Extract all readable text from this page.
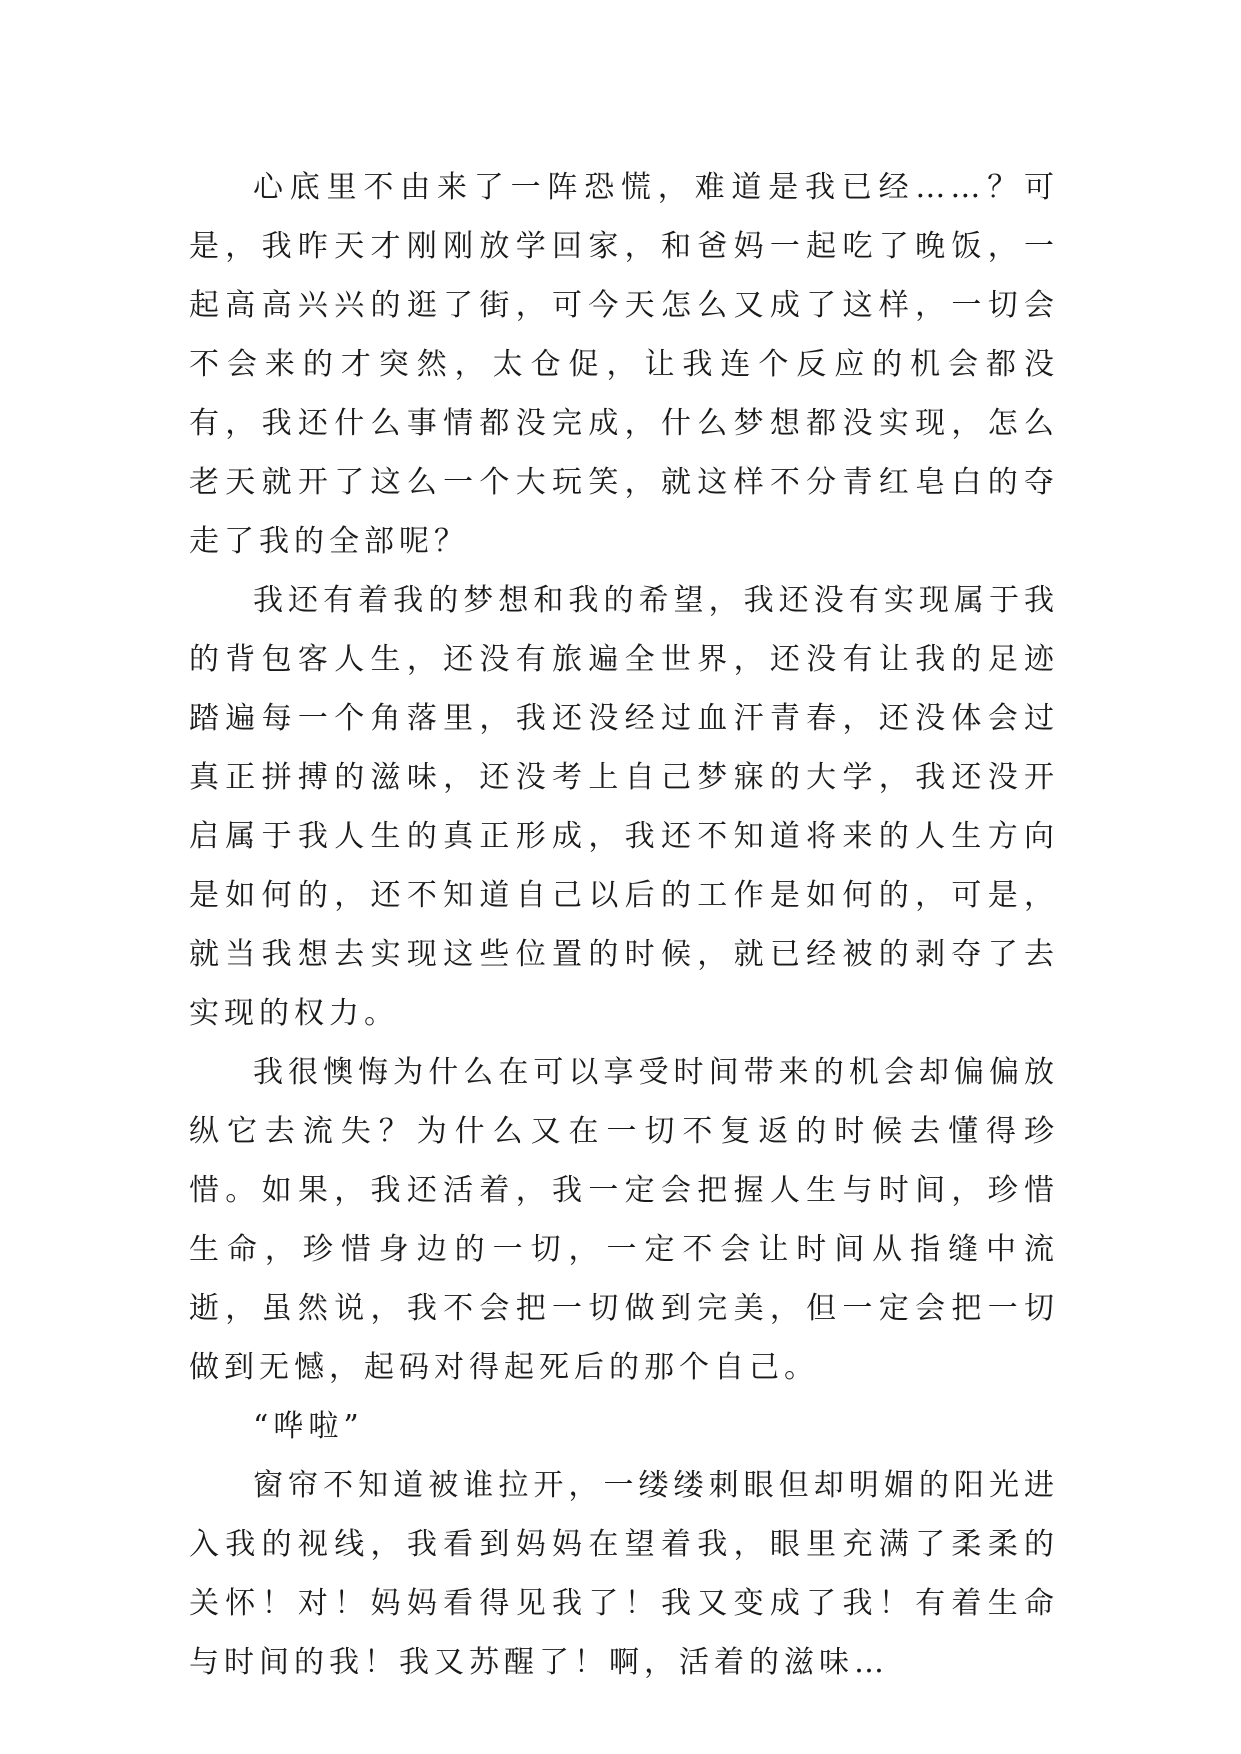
心底里不由来了一阵恐慌，难道是我已经……？可是，我昨天才刚刚放学回家，和爸妈一起吃了晚饭，一起高高兴兴的逛了街，可今天怎么又成了这样，一切会不会来的才突然，太仓促，让我连个反应的机会都没有，我还什么事情都没完成，什么梦想都没实现，怎么老天就开了这么一个大玩笑，就这样不分青红皂白的夺走了我的全部呢？

我还有着我的梦想和我的希望，我还没有实现属于我的背包客人生，还没有旅遍全世界，还没有让我的足迹踏遍每一个角落里，我还没经过血汗青春，还没体会过真正拼搏的滋味，还没考上自己梦寐的大学，我还没开启属于我人生的真正形成，我还不知道将来的人生方向是如何的，还不知道自己以后的工作是如何的，可是，就当我想去实现这些位置的时候，就已经被的剥夺了去实现的权力。

我很懊悔为什么在可以享受时间带来的机会却偏偏放纵它去流失？为什么又在一切不复返的时候去懂得珍惜。如果，我还活着，我一定会把握人生与时间，珍惜生命，珍惜身边的一切，一定不会让时间从指缝中流逝，虽然说，我不会把一切做到完美，但一定会把一切做到无憾，起码对得起死后的那个自己。

“哗啦”

窗帘不知道被谁拉开，一缕缕刺眼但却明媚的阳光进入我的视线，我看到妈妈在望着我，眼里充满了柔柔的关怀！对！妈妈看得见我了！我又变成了我！有着生命与时间的我！我又苏醒了！啊，活着的滋味…
